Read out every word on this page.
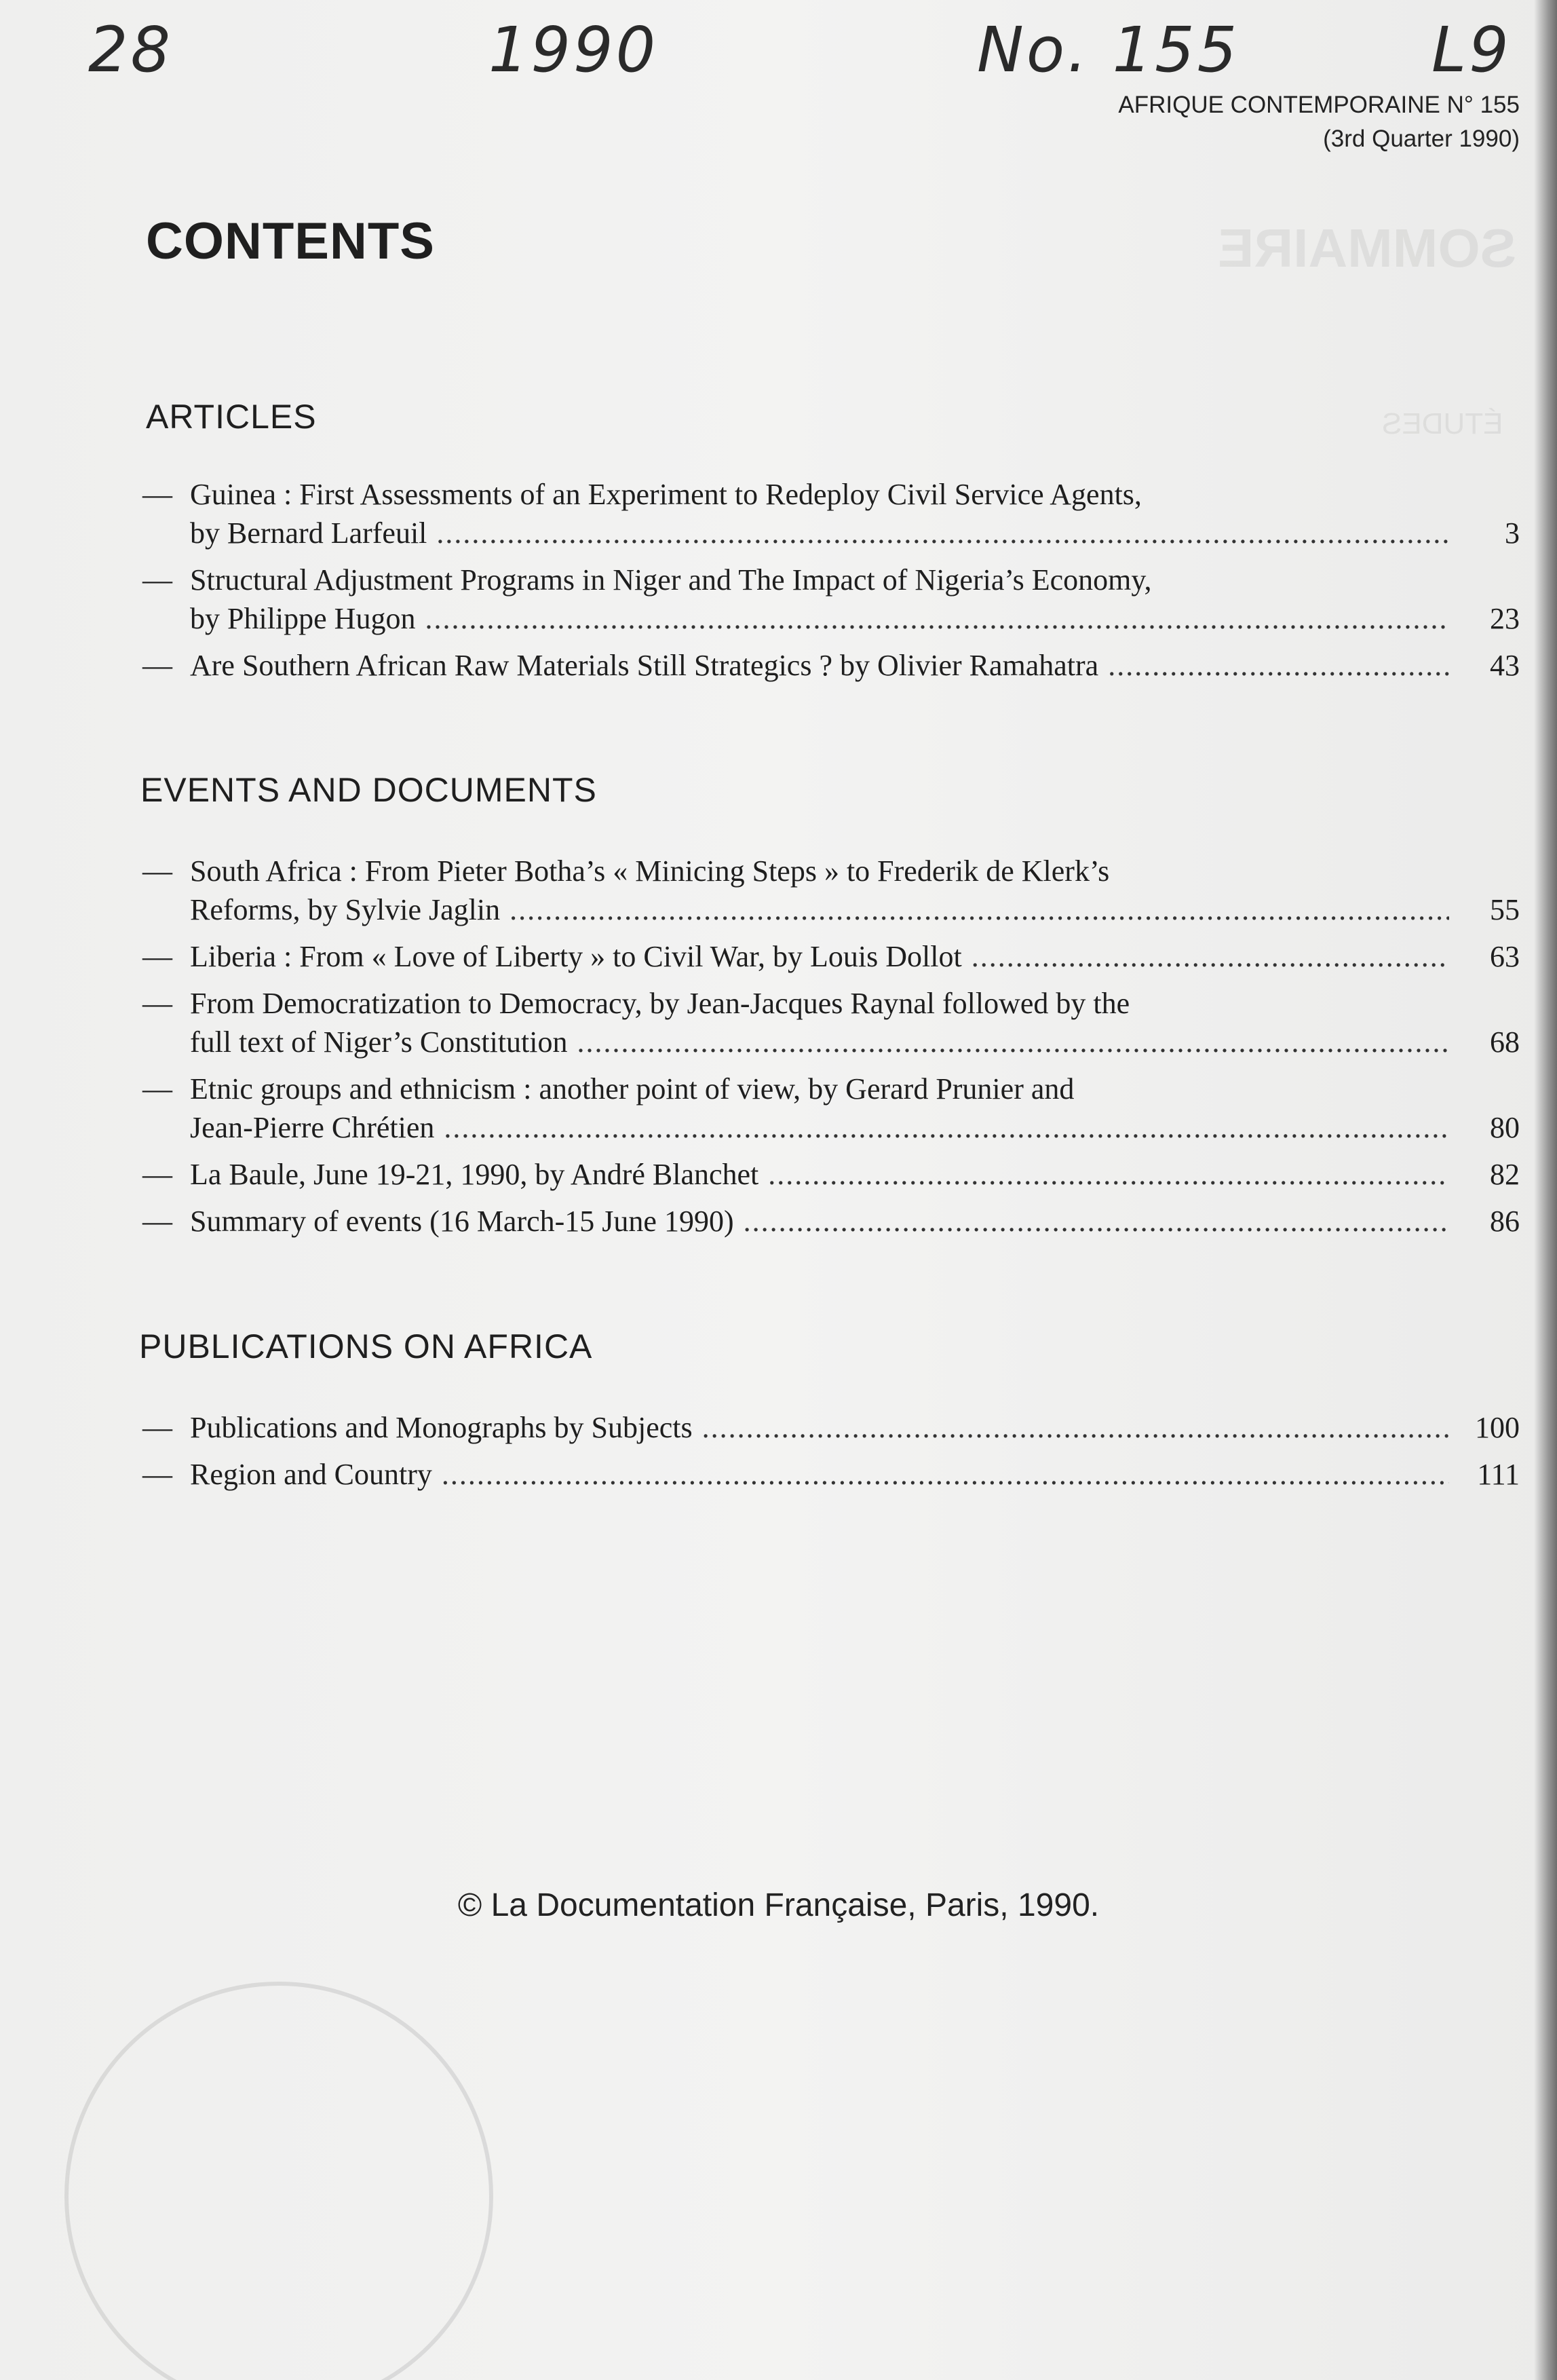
SOMMAIRE
ÉTUDES
28	1990	No. 155	L9
AFRIQUE CONTEMPORAINE N° 155
(3rd Quarter 1990)
CONTENTS
ARTICLES
— Guinea : First Assessments of an Experiment to Redeploy Civil Service Agents,
by Bernard Larfeuil .....	3
— Structural Adjustment Programs in Niger and The Impact of Nigeria’s Economy,
by Philippe Hugon .....	23
— Are Southern African Raw Materials Still Strategics ? by Olivier Ramahatra .....	43
EVENTS AND DOCUMENTS
— South Africa : From Pieter Botha’s « Minicing Steps » to Frederik de Klerk’s
Reforms, by Sylvie Jaglin .....	55
— Liberia : From « Love of Liberty » to Civil War, by Louis Dollot .....	63
— From Democratization to Democracy, by Jean-Jacques Raynal followed by the
full text of Niger’s Constitution .....	68
— Etnic groups and ethnicism : another point of view, by Gerard Prunier and
Jean-Pierre Chrétien .....	80
— La Baule, June 19-21, 1990, by André Blanchet .....	82
— Summary of events (16 March-15 June 1990) .....	86
PUBLICATIONS ON AFRICA
— Publications and Monographs by Subjects .....	100
— Region and Country .....	111
© La Documentation Française, Paris, 1990.
